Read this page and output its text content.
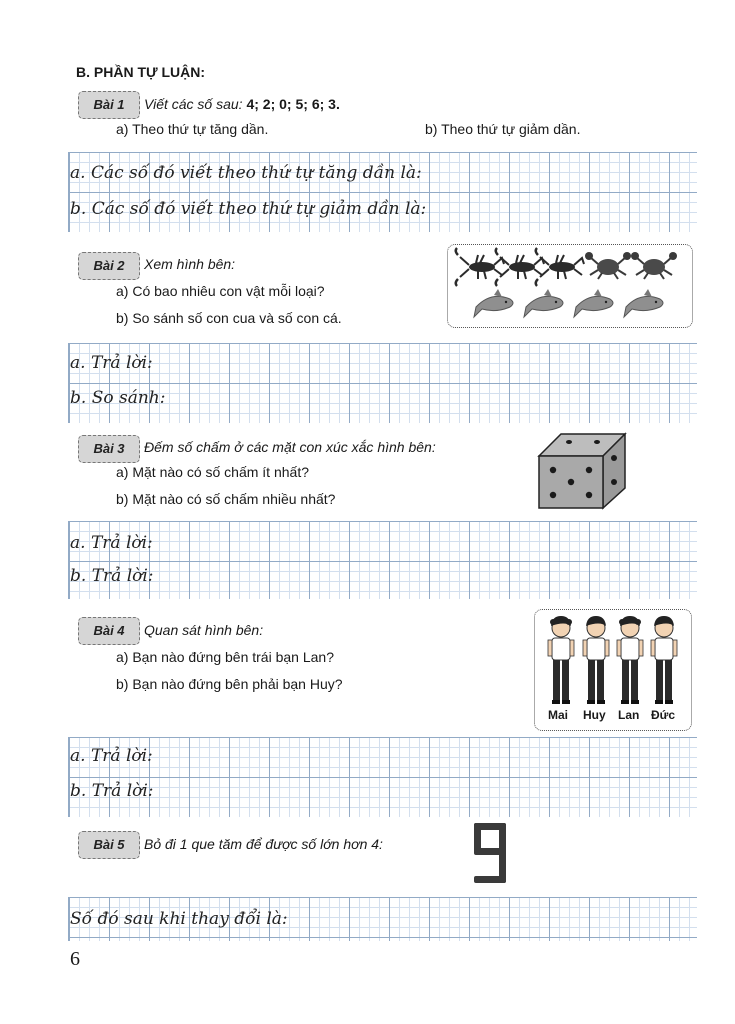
B. PHẦN TỰ LUẬN:
Bài 1	Viết các số sau: 4; 2; 0; 5; 6; 3.
a) Theo thứ tự tăng dần.	b) Theo thứ tự giảm dần.
a. Các số đó viết theo thứ tự tăng dần là:
b. Các số đó viết theo thứ tự giảm dần là:
Bài 2	Xem hình bên:
a) Có bao nhiêu con vật mỗi loại?
b) So sánh số con cua và số con cá.
a. Trả lời:
b. So sánh:
Bài 3	Đếm số chấm ở các mặt con xúc xắc hình bên:
a) Mặt nào có số chấm ít nhất?
b) Mặt nào có số chấm nhiều nhất?
a. Trả lời:
b. Trả lời:
Bài 4	Quan sát hình bên:
a) Bạn nào đứng bên trái bạn Lan?
b) Bạn nào đứng bên phải bạn Huy?
Mai Huy Lan Đức
a. Trả lời:
b. Trả lời:
Bài 5	Bỏ đi 1 que tăm để được số lớn hơn 4:
Số đó sau khi thay đổi là:
6
